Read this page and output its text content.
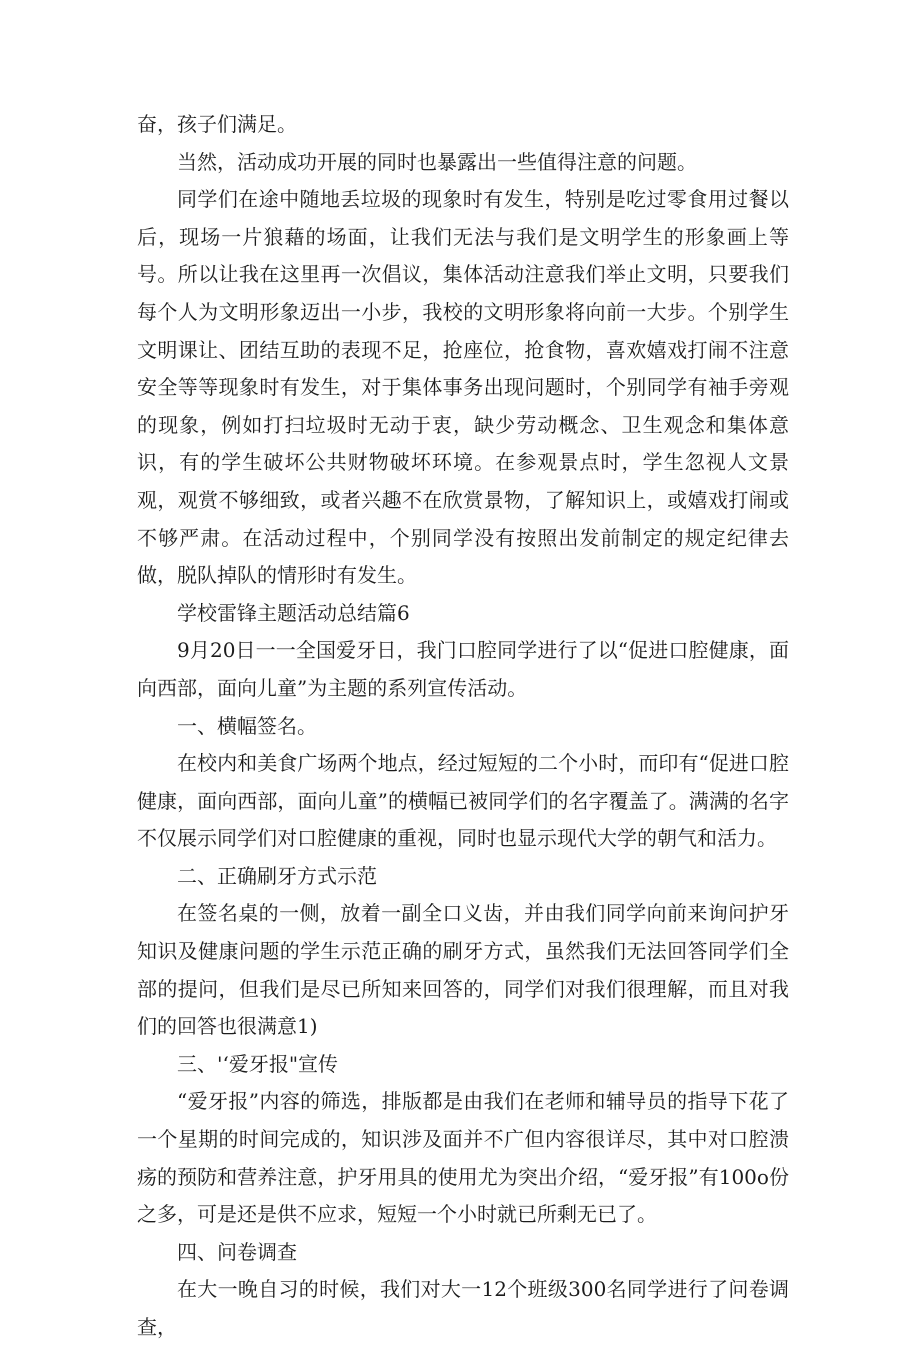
奋，孩子们满足。

当然，活动成功开展的同时也暴露出一些值得注意的问题。

同学们在途中随地丢垃圾的现象时有发生，特别是吃过零食用过餐以后，现场一片狼藉的场面，让我们无法与我们是文明学生的形象画上等号。所以让我在这里再一次倡议，集体活动注意我们举止文明，只要我们每个人为文明形象迈出一小步，我校的文明形象将向前一大步。个别学生文明课让、团结互助的表现不足，抢座位，抢食物，喜欢嬉戏打闹不注意安全等等现象时有发生，对于集体事务出现问题时，个别同学有袖手旁观的现象，例如打扫垃圾时无动于衷，缺少劳动概念、卫生观念和集体意识，有的学生破坏公共财物破坏环境。在参观景点时，学生忽视人文景观，观赏不够细致，或者兴趣不在欣赏景物，了解知识上，或嬉戏打闹或不够严肃。在活动过程中，个别同学没有按照出发前制定的规定纪律去做，脱队掉队的情形时有发生。

学校雷锋主题活动总结篇6

9月20日一一全国爱牙日，我门口腔同学进行了以“促进口腔健康，面向西部，面向儿童”为主题的系列宣传活动。

一、横幅签名。

在校内和美食广场两个地点，经过短短的二个小时，而印有“促进口腔健康，面向西部，面向儿童”的横幅已被同学们的名字覆盖了。满满的名字不仅展示同学们对口腔健康的重视，同时也显示现代大学的朝气和活力。

二、正确刷牙方式示范

在签名桌的一侧，放着一副全口义齿，并由我们同学向前来询问护牙知识及健康问题的学生示范正确的刷牙方式，虽然我们无法回答同学们全部的提问，但我们是尽已所知来回答的，同学们对我们很理解，而且对我们的回答也很满意1)

三、'‘爱牙报"宣传

“爱牙报”内容的筛选，排版都是由我们在老师和辅导员的指导下花了一个星期的时间完成的，知识涉及面并不广但内容很详尽，其中对口腔溃疡的预防和营养注意，护牙用具的使用尤为突出介绍，“爱牙报”有100o份之多，可是还是供不应求，短短一个小时就已所剩无已了。

四、问卷调查

在大一晚自习的时候，我们对大一12个班级300名同学进行了问卷调查，
